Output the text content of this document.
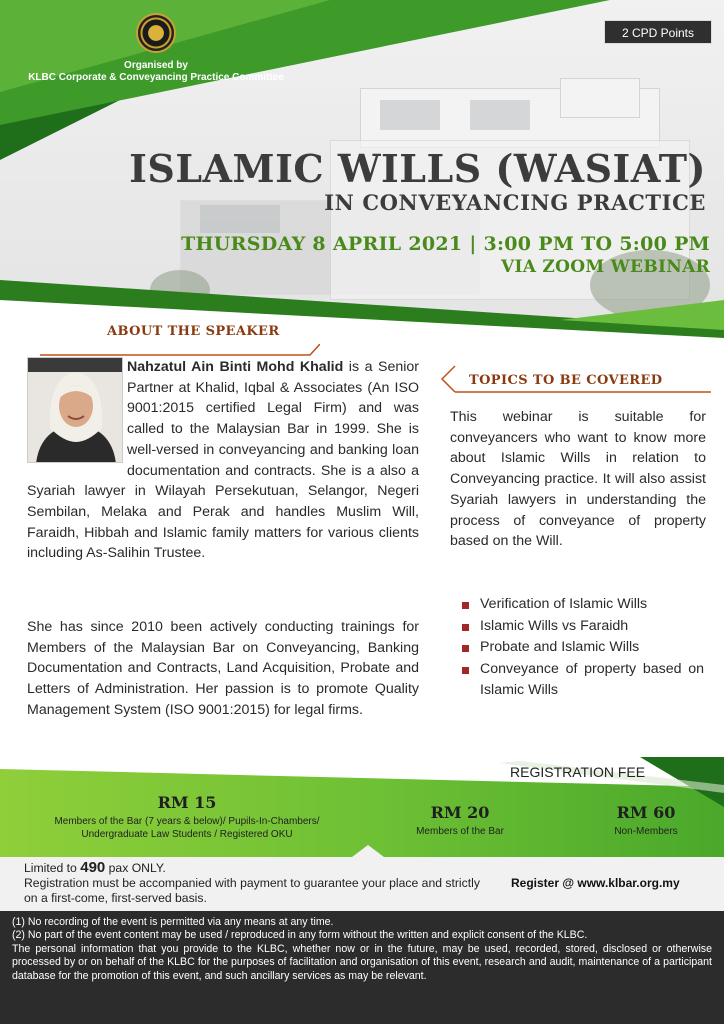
Organised by
KLBC Corporate & Conveyancing Practice Committee
2 CPD Points
ISLAMIC WILLS (WASIAT)
IN CONVEYANCING PRACTICE
THURSDAY 8 APRIL 2021 | 3:00 PM TO 5:00 PM
VIA ZOOM WEBINAR
ABOUT THE SPEAKER
Nahzatul Ain Binti Mohd Khalid is a Senior Partner at Khalid, Iqbal & Associates (An ISO 9001:2015 certified Legal Firm) and was called to the Malaysian Bar in 1999. She is well-versed in conveyancing and banking loan documentation and contracts. She is a also a Syariah lawyer in Wilayah Persekutuan, Selangor, Negeri Sembilan, Melaka and Perak and handles Muslim Will, Faraidh, Hibbah and Islamic family matters for various clients including As-Salihin Trustee.
She has since 2010 been actively conducting trainings for Members of the Malaysian Bar on Conveyancing, Banking Documentation and Contracts, Land Acquisition, Probate and Letters of Administration. Her passion is to promote Quality Management System (ISO 9001:2015) for legal firms.
TOPICS TO BE COVERED
This webinar is suitable for conveyancers who want to know more about Islamic Wills in relation to Conveyancing practice. It will also assist Syariah lawyers in understanding the process of conveyance of property based on the Will.
Verification of Islamic Wills
Islamic Wills vs Faraidh
Probate and Islamic Wills
Conveyance of property based on Islamic Wills
REGISTRATION FEE
RM 15
Members of the Bar (7 years & below)/ Pupils-In-Chambers/
Undergraduate Law Students / Registered OKU
RM 20
Members of the Bar
RM 60
Non-Members
Limited to 490 pax ONLY.
Registration must be accompanied with payment to guarantee your place and strictly on a first-come, first-served basis.
Register @ www.klbar.org.my
(1) No recording of the event is permitted via any means at any time.
(2) No part of the event content may be used / reproduced in any form without the written and explicit consent of the KLBC.
The personal information that you provide to the KLBC, whether now or in the future, may be used, recorded, stored, disclosed or otherwise processed by or on behalf of the KLBC for the purposes of facilitation and organisation of this event, research and audit, maintenance of a participant database for the promotion of this event, and such ancillary services as may be relevant.
